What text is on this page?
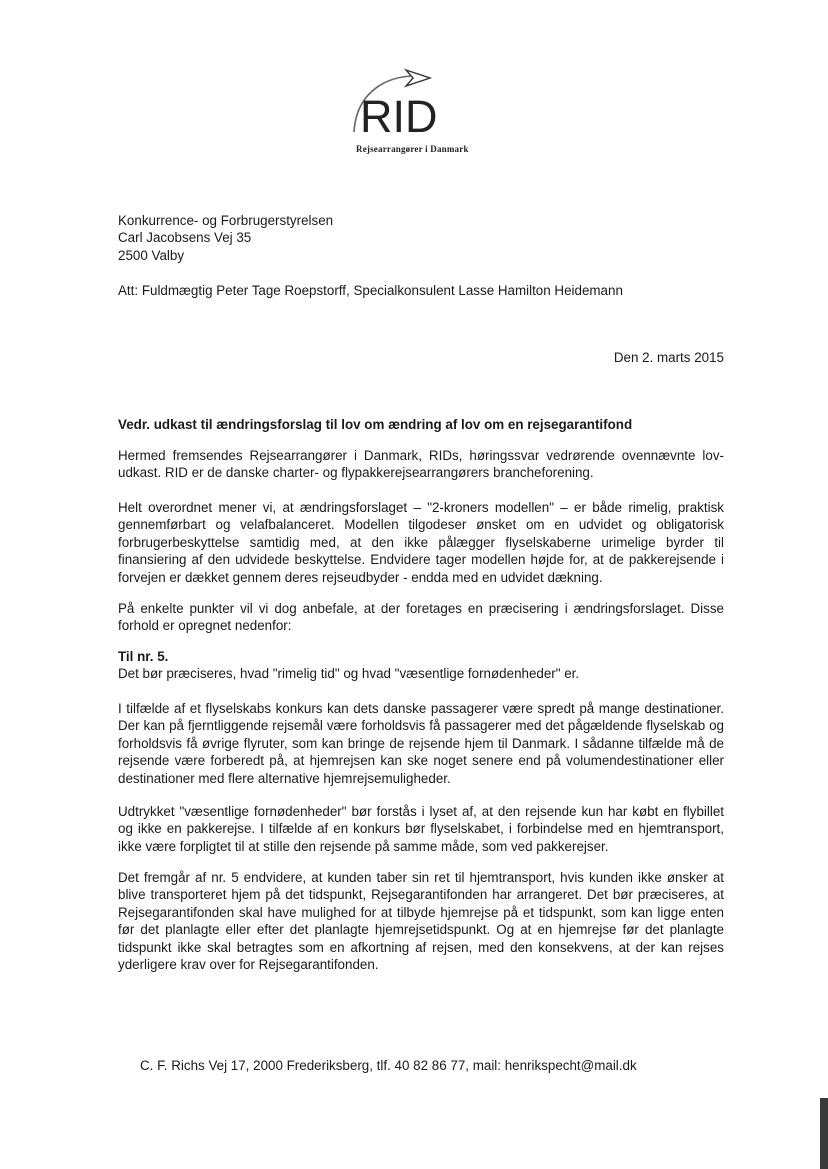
RID
Rejsearrangører i Danmark
Konkurrence- og Forbrugerstyrelsen
Carl Jacobsens Vej 35
2500 Valby
Att: Fuldmægtig Peter Tage Roepstorff, Specialkonsulent Lasse Hamilton Heidemann
Den 2. marts 2015
Vedr. udkast til ændringsforslag til lov om ændring af lov om en rejsegarantifond
Hermed fremsendes Rejsearrangører i Danmark, RIDs, høringssvar vedrørende ovennævnte lov-udkast. RID er de danske charter- og flypakkerejsearrangørers brancheforening.
Helt overordnet mener vi, at ændringsforslaget – "2-kroners modellen" – er både rimelig, praktisk gennemførbart og velafbalanceret. Modellen tilgodeser ønsket om en udvidet og obligatorisk forbrugerbeskyttelse samtidig med, at den ikke pålægger flyselskaberne urimelige byrder til finansiering af den udvidede beskyttelse. Endvidere tager modellen højde for, at de pakkerejsende i forvejen er dækket gennem deres rejseudbyder - endda med en udvidet dækning.
På enkelte punkter vil vi dog anbefale, at der foretages en præcisering i ændringsforslaget. Disse forhold er opregnet nedenfor:
Til nr. 5.
Det bør præciseres, hvad "rimelig tid" og hvad "væsentlige fornødenheder" er.
I tilfælde af et flyselskabs konkurs kan dets danske passagerer være spredt på mange destinationer. Der kan på fjerntliggende rejsemål være forholdsvis få passagerer med det pågældende flyselskab og forholdsvis få øvrige flyruter, som kan bringe de rejsende hjem til Danmark. I sådanne tilfælde må de rejsende være forberedt på, at hjemrejsen kan ske noget senere end på volumendestinationer eller destinationer med flere alternative hjemrejsemuligheder.
Udtrykket "væsentlige fornødenheder" bør forstås i lyset af, at den rejsende kun har købt en flybillet og ikke en pakkerejse. I tilfælde af en konkurs bør flyselskabet, i forbindelse med en hjemtransport, ikke være forpligtet til at stille den rejsende på samme måde, som ved pakkerejser.
Det fremgår af nr. 5 endvidere, at kunden taber sin ret til hjemtransport, hvis kunden ikke ønsker at blive transporteret hjem på det tidspunkt, Rejsegarantifonden har arrangeret. Det bør præciseres, at Rejsegarantifonden skal have mulighed for at tilbyde hjemrejse på et tidspunkt, som kan ligge enten før det planlagte eller efter det planlagte hjemrejsetidspunkt. Og at en hjemrejse før det planlagte tidspunkt ikke skal betragtes som en afkortning af rejsen, med den konsekvens, at der kan rejses yderligere krav over for Rejsegarantifonden.
C. F. Richs Vej 17, 2000 Frederiksberg, tlf. 40 82 86 77, mail: henrikspecht@mail.dk
